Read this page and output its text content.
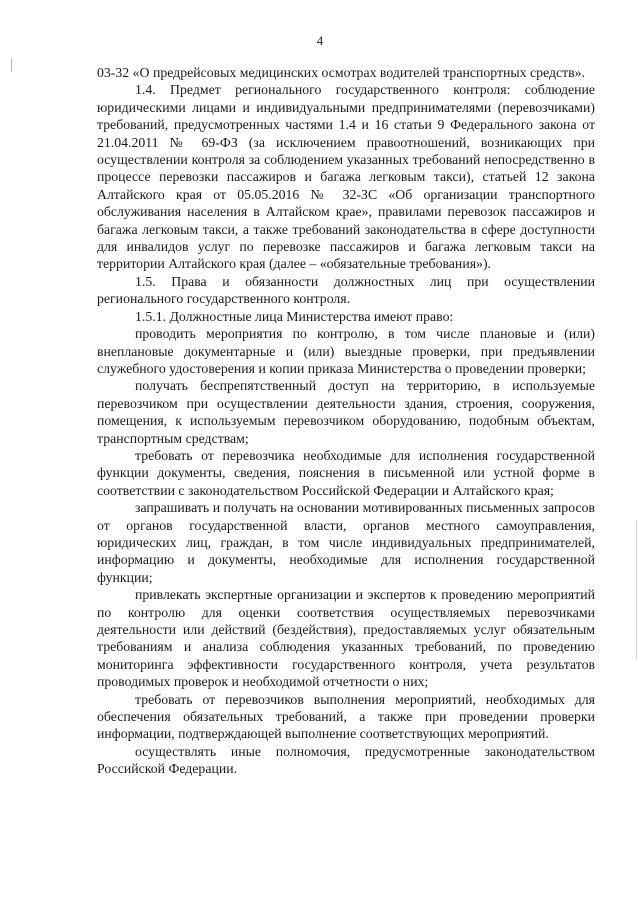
4

03-32 «О предрейсовых медицинских осмотрах водителей транспортных средств».

1.4. Предмет регионального государственного контроля: соблюдение юридическими лицами и индивидуальными предпринимателями (перевозчиками) требований, предусмотренных частями 1.4 и 16 статьи 9 Федерального закона от 21.04.2011 № 69-ФЗ (за исключением правоотношений, возникающих при осуществлении контроля за соблюдением указанных требований непосредственно в процессе перевозки пассажиров и багажа легковым такси), статьей 12 закона Алтайского края от 05.05.2016 № 32-ЗС «Об организации транспортного обслуживания населения в Алтайском крае», правилами перевозок пассажиров и багажа легковым такси, а также требований законодательства в сфере доступности для инвалидов услуг по перевозке пассажиров и багажа легковым такси на территории Алтайского края (далее – «обязательные требования»).

1.5. Права и обязанности должностных лиц при осуществлении регионального государственного контроля.

1.5.1. Должностные лица Министерства имеют право:

проводить мероприятия по контролю, в том числе плановые и (или) внеплановые документарные и (или) выездные проверки, при предъявлении служебного удостоверения и копии приказа Министерства о проведении проверки;

получать беспрепятственный доступ на территорию, в используемые перевозчиком при осуществлении деятельности здания, строения, сооружения, помещения, к используемым перевозчиком оборудованию, подобным объектам, транспортным средствам;

требовать от перевозчика необходимые для исполнения государственной функции документы, сведения, пояснения в письменной или устной форме в соответствии с законодательством Российской Федерации и Алтайского края;

запрашивать и получать на основании мотивированных письменных запросов от органов государственной власти, органов местного самоуправления, юридических лиц, граждан, в том числе индивидуальных предпринимателей, информацию и документы, необходимые для исполнения государственной функции;

привлекать экспертные организации и экспертов к проведению мероприятий по контролю для оценки соответствия осуществляемых перевозчиками деятельности или действий (бездействия), предоставляемых услуг обязательным требованиям и анализа соблюдения указанных требований, по проведению мониторинга эффективности государственного контроля, учета результатов проводимых проверок и необходимой отчетности о них;

требовать от перевозчиков выполнения мероприятий, необходимых для обеспечения обязательных требований, а также при проведении проверки информации, подтверждающей выполнение соответствующих мероприятий.

осуществлять иные полномочия, предусмотренные законодательством Российской Федерации.
